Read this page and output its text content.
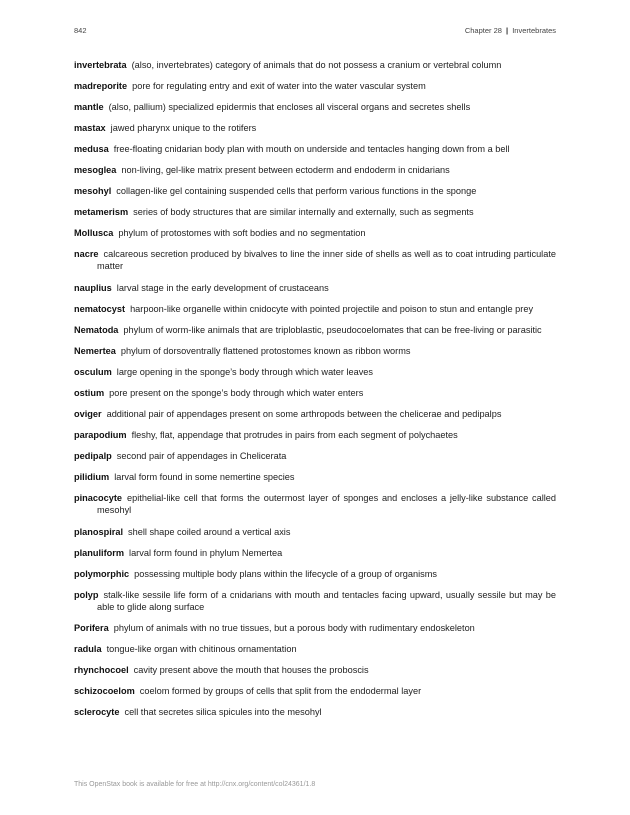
842	Chapter 28 | Invertebrates

invertebrata (also, invertebrates) category of animals that do not possess a cranium or vertebral column

madreporite pore for regulating entry and exit of water into the water vascular system

mantle (also, pallium) specialized epidermis that encloses all visceral organs and secretes shells

mastax jawed pharynx unique to the rotifers

medusa free-floating cnidarian body plan with mouth on underside and tentacles hanging down from a bell

mesoglea non-living, gel-like matrix present between ectoderm and endoderm in cnidarians

mesohyl collagen-like gel containing suspended cells that perform various functions in the sponge

metamerism series of body structures that are similar internally and externally, such as segments

Mollusca phylum of protostomes with soft bodies and no segmentation

nacre calcareous secretion produced by bivalves to line the inner side of shells as well as to coat intruding particulate matter

nauplius larval stage in the early development of crustaceans

nematocyst harpoon-like organelle within cnidocyte with pointed projectile and poison to stun and entangle prey

Nematoda phylum of worm-like animals that are triploblastic, pseudocoelomates that can be free-living or parasitic

Nemertea phylum of dorsoventrally flattened protostomes known as ribbon worms

osculum large opening in the sponge’s body through which water leaves

ostium pore present on the sponge’s body through which water enters

oviger additional pair of appendages present on some arthropods between the chelicerae and pedipalps

parapodium fleshy, flat, appendage that protrudes in pairs from each segment of polychaetes

pedipalp second pair of appendages in Chelicerata

pilidium larval form found in some nemertine species

pinacocyte epithelial-like cell that forms the outermost layer of sponges and encloses a jelly-like substance called mesohyl

planospiral shell shape coiled around a vertical axis

planuliform larval form found in phylum Nemertea

polymorphic possessing multiple body plans within the lifecycle of a group of organisms

polyp stalk-like sessile life form of a cnidarians with mouth and tentacles facing upward, usually sessile but may be able to glide along surface

Porifera phylum of animals with no true tissues, but a porous body with rudimentary endoskeleton

radula tongue-like organ with chitinous ornamentation

rhynchocoel cavity present above the mouth that houses the proboscis

schizocoelom coelom formed by groups of cells that split from the endodermal layer

sclerocyte cell that secretes silica spicules into the mesohyl

This OpenStax book is available for free at http://cnx.org/content/col24361/1.8
